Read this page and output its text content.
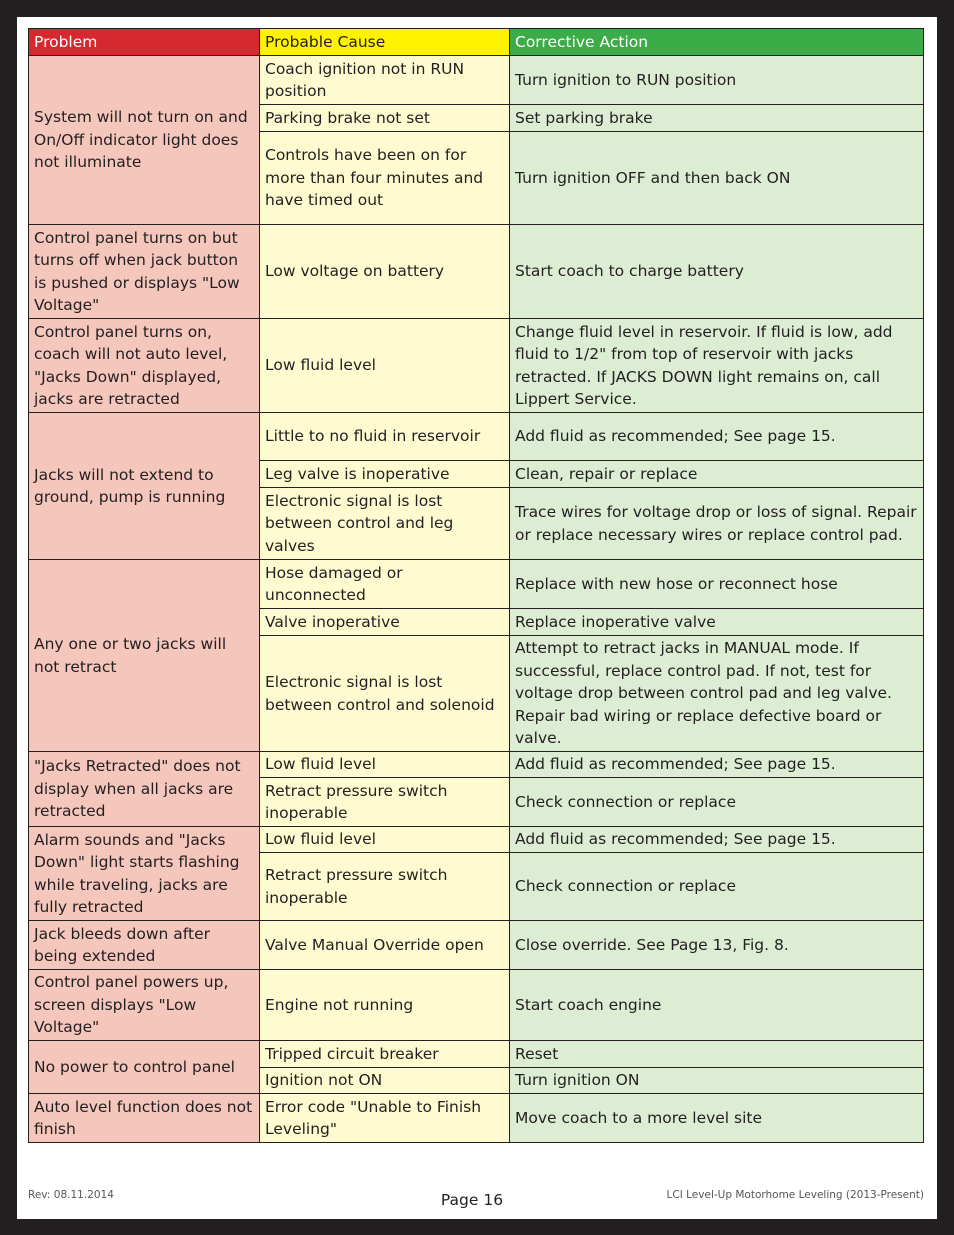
Problem	Probable Cause	Corrective Action
System will not turn on and On/Off indicator light does not illuminate	Coach ignition not in RUN position	Turn ignition to RUN position
	Parking brake not set	Set parking brake
	Controls have been on for more than four minutes and have timed out	Turn ignition OFF and then back ON
Control panel turns on but turns off when jack button is pushed or displays "Low Voltage"	Low voltage on battery	Start coach to charge battery
Control panel turns on, coach will not auto level, "Jacks Down" displayed, jacks are retracted	Low fluid level	Change fluid level in reservoir. If fluid is low, add fluid to 1/2" from top of reservoir with jacks retracted. If JACKS DOWN light remains on, call Lippert Service.
Jacks will not extend to ground, pump is running	Little to no fluid in reservoir	Add fluid as recommended; See page 15.
	Leg valve is inoperative	Clean, repair or replace
	Electronic signal is lost between control and leg valves	Trace wires for voltage drop or loss of signal. Repair or replace necessary wires or replace control pad.
Any one or two jacks will not retract	Hose damaged or unconnected	Replace with new hose or reconnect hose
	Valve inoperative	Replace inoperative valve
	Electronic signal is lost between control and solenoid	Attempt to retract jacks in MANUAL mode. If successful, replace control pad. If not, test for voltage drop between control pad and leg valve. Repair bad wiring or replace defective board or valve.
"Jacks Retracted" does not display when all jacks are retracted	Low fluid level	Add fluid as recommended; See page 15.
	Retract pressure switch inoperable	Check connection or replace
Alarm sounds and "Jacks Down" light starts flashing while traveling, jacks are fully retracted	Low fluid level	Add fluid as recommended; See page 15.
	Retract pressure switch inoperable	Check connection or replace
Jack bleeds down after being extended	Valve Manual Override open	Close override. See Page 13, Fig. 8.
Control panel powers up, screen displays "Low Voltage"	Engine not running	Start coach engine
No power to control panel	Tripped circuit breaker	Reset
	Ignition not ON	Turn ignition ON
Auto level function does not finish	Error code "Unable to Finish Leveling"	Move coach to a more level site
Rev: 08.11.2014	Page 16	LCI Level-Up Motorhome Leveling (2013-Present)
